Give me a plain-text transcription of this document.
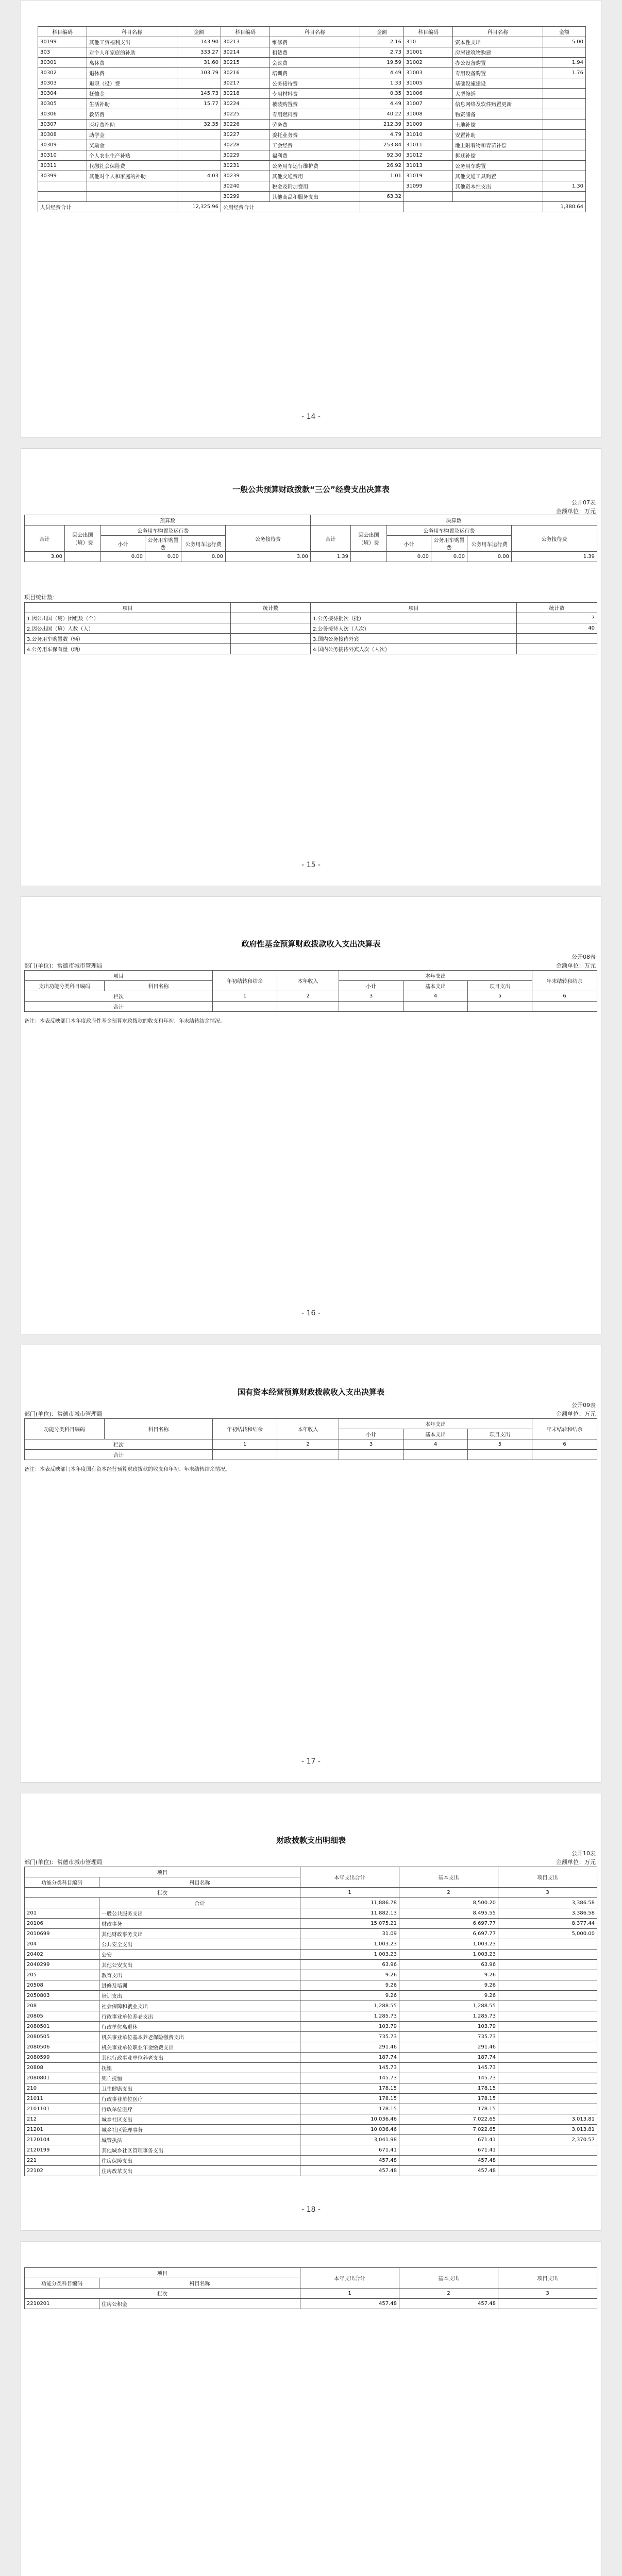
科目编码	科目名称	金额	科目编码	科目名称	金额	科目编码	科目名称	金额
30199	其他工资福利支出	143.90	30213	维修费	2.16	310	资本性支出	5.00
303	对个人和家庭的补助	333.27	30214	租赁费	2.73	31001	房屋建筑物购建	
30301	离休费	31.60	30215	会议费	19.59	31002	办公设备购置	1.94
30302	退休费	103.79	30216	培训费	4.49	31003	专用设备购置	1.76
30303	退职（役）费		30217	公务接待费	1.33	31005	基础设施建设	
30304	抚恤金	145.73	30218	专用材料费	0.35	31006	大型修缮	
30305	生活补助	15.77	30224	被装购置费	4.49	31007	信息网络及软件购置更新	
30306	救济费		30225	专用燃料费	40.22	31008	物资储备	
30307	医疗费补助	32.35	30226	劳务费	212.39	31009	土地补偿	
30308	助学金		30227	委托业务费	4.79	31010	安置补助	
30309	奖励金		30228	工会经费	253.84	31011	地上附着物和青苗补偿	
30310	个人农业生产补贴		30229	福利费	92.30	31012	拆迁补偿	
30311	代缴社会保险费		30231	公务用车运行维护费	26.92	31013	公务用车购置	
30399	其他对个人和家庭的补助	4.03	30239	其他交通费用	1.01	31019	其他交通工具购置	
			30240	税金及附加费用		31099	其他资本性支出	1.30
			30299	其他商品和服务支出	63.32			
人员经费合计		12,325.96	公用经费合计					1,380.64
- 14 -
一般公共预算财政拨款“三公”经费支出决算表
公开07表
金额单位：万元
预算数						决算数					
合计	因公出国（境）费	公务用车购置及运行费			公务接待费	合计	因公出国（境）费	公务用车购置及运行费			公务接待费
		小计	公务用车购置费	公务用车运行费				小计	公务用车购置费	公务用车运行费	
3.00		0.00	0.00	0.00	3.00	1.39		0.00	0.00	0.00	1.39
项目统计数：
项目	统计数	项目	统计数
1.因公出国（境）团组数（个）		1.公务接待批次（批）	7
2.因公出国（境）人数（人）		2.公务接待人次（人次）	40
3.公务用车购置数（辆）		3.国内公务接待外宾	
4.公务用车保有量（辆）		4.国内公务接待外宾人次（人次）	
- 15 -
政府性基金预算财政拨款收入支出决算表
公开08表
部门(单位)：常德市城市管理局	金额单位：万元
项目		年初结转和结余	本年收入	本年支出			年末结转和结余
支出功能分类科目编码	科目名称			小计	基本支出	项目支出	
栏次		1	2	3	4	5	6
合计							
备注：本表反映部门本年度政府性基金预算财政拨款的收支和年初、年末结转结余情况。
- 16 -
国有资本经营预算财政拨款收入支出决算表
公开09表
部门(单位)：常德市城市管理局	金额单位：万元
功能分类科目编码	科目名称	年初结转和结余	本年收入	本年支出			年末结转和结余
				小计	基本支出	项目支出	
栏次		1	2	3	4	5	6
合计							
备注：本表反映部门本年度国有资本经营预算财政拨款的收支和年初、年末结转结余情况。
- 17 -
财政拨款支出明细表
公开10表
部门(单位)：常德市城市管理局	金额单位：万元
项目		本年支出合计	基本支出	项目支出
功能分类科目编码	科目名称			
栏次		1	2	3
	合计	11,886.78	8,500.20	3,386.58
201	一般公共服务支出	11,882.13	8,495.55	3,386.58
20106	财政事务	15,075.21	6,697.77	8,377.44
2010699	其他财政事务支出	31.09	6,697.77	5,000.00
204	公共安全支出	1,003.23	1,003.23	
20402	公安	1,003.23	1,003.23	
2040299	其他公安支出	63.96	63.96	
205	教育支出	9.26	9.26	
20508	进修及培训	9.26	9.26	
2050803	培训支出	9.26	9.26	
208	社会保障和就业支出	1,288.55	1,288.55	
20805	行政事业单位养老支出	1,285.73	1,285.73	
2080501	行政单位离退休	103.79	103.79	
2080505	机关事业单位基本养老保险缴费支出	735.73	735.73	
2080506	机关事业单位职业年金缴费支出	291.46	291.46	
2080599	其他行政事业单位养老支出	187.74	187.74	
20808	抚恤	145.73	145.73	
2080801	死亡抚恤	145.73	145.73	
210	卫生健康支出	178.15	178.15	
21011	行政事业单位医疗	178.15	178.15	
2101101	行政单位医疗	178.15	178.15	
212	城乡社区支出	10,036.46	7,022.65	3,013.81
21201	城乡社区管理事务	10,036.46	7,022.65	3,013.81
2120104	城管执法	3,041.98	671.41	2,370.57
2120199	其他城乡社区管理事务支出	671.41	671.41	
221	住房保障支出	457.48	457.48	
22102	住房改革支出	457.48	457.48	
- 18 -
项目		本年支出合计	基本支出	项目支出
功能分类科目编码	科目名称			
栏次		1	2	3
2210201	住房公积金	457.48	457.48	
